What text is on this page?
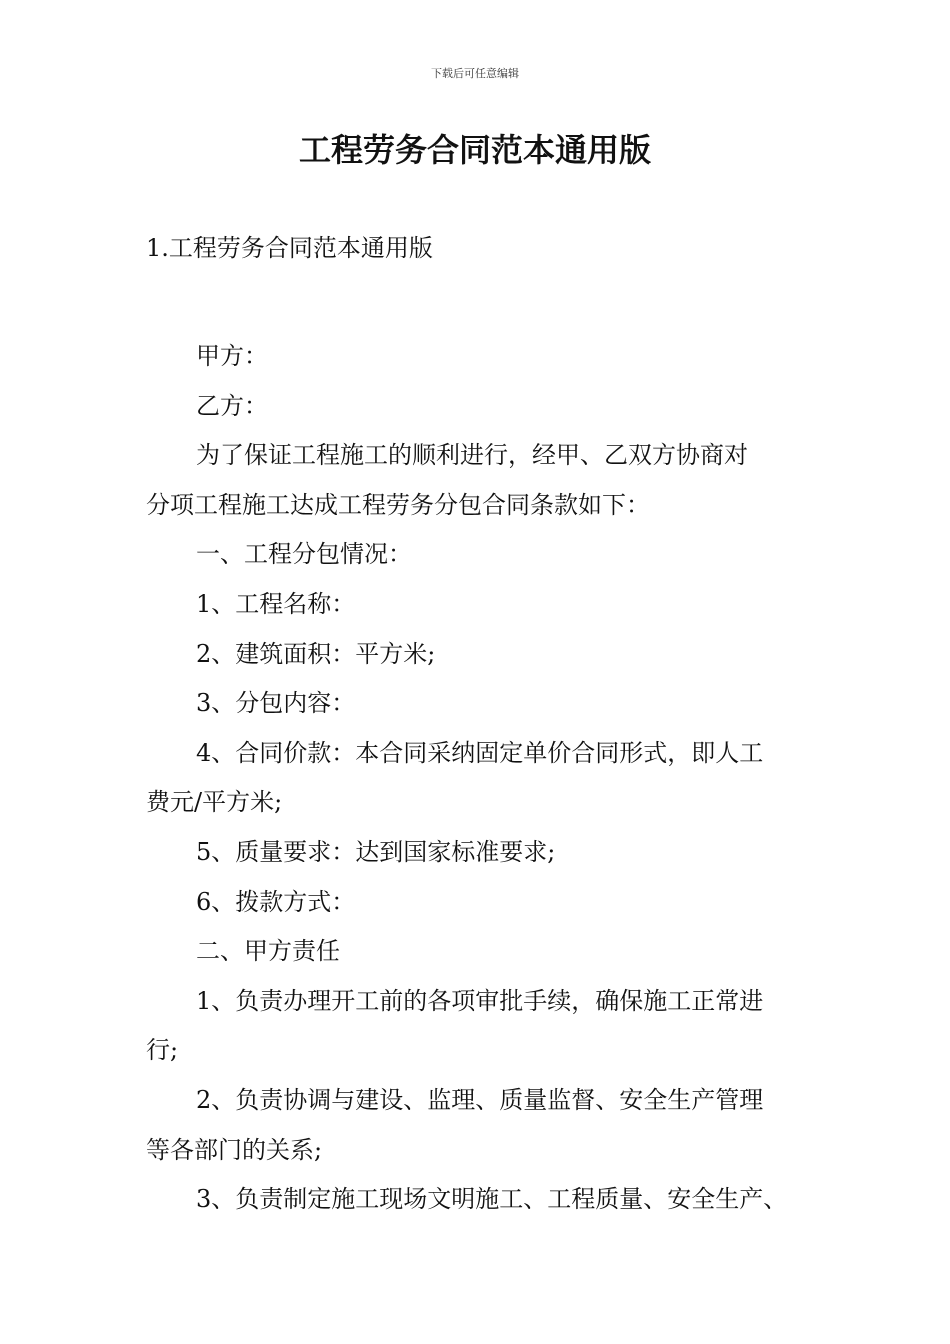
下载后可任意编辑
工程劳务合同范本通用版
1.工程劳务合同范本通用版

甲方：

乙方：

为了保证工程施工的顺利进行，经甲、乙双方协商对
分项工程施工达成工程劳务分包合同条款如下：

一、工程分包情况：

1、工程名称：

2、建筑面积：平方米;

3、分包内容：

4、合同价款：本合同采纳固定单价合同形式，即人工
费元/平方米;

5、质量要求：达到国家标准要求;

6、拨款方式：

二、甲方责任

1、负责办理开工前的各项审批手续，确保施工正常进
行;

2、负责协调与建设、监理、质量监督、安全生产管理
等各部门的关系;

3、负责制定施工现场文明施工、工程质量、安全生产、
